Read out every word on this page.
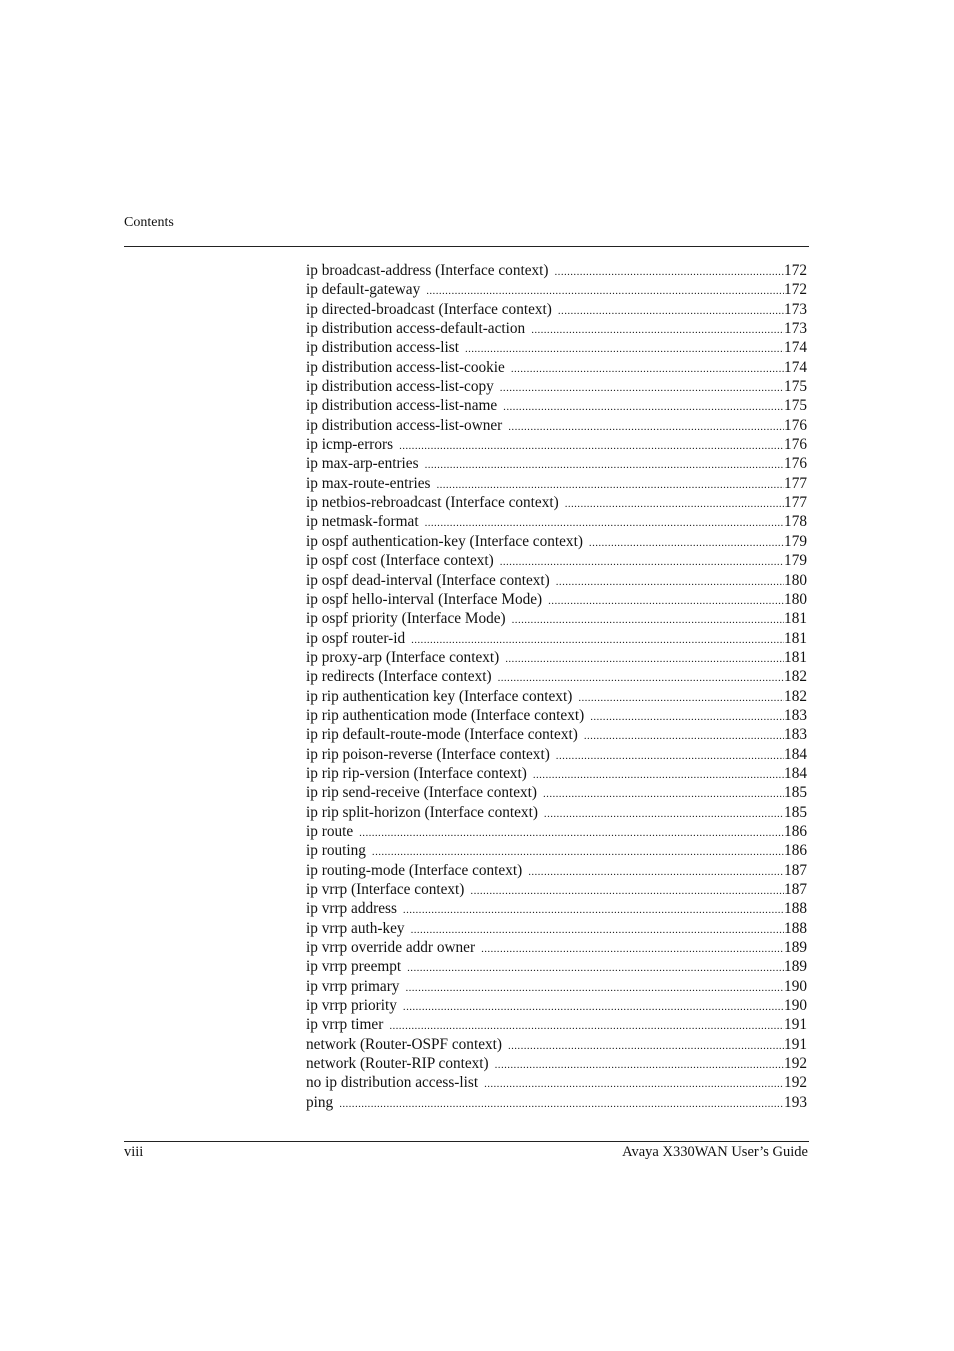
Contents
ip broadcast-address (Interface context) .....	172
ip default-gateway .....	172
ip directed-broadcast (Interface context) .....	173
ip distribution access-default-action .....	173
ip distribution access-list .....	174
ip distribution access-list-cookie .....	174
ip distribution access-list-copy .....	175
ip distribution access-list-name .....	175
ip distribution access-list-owner .....	176
ip icmp-errors .....	176
ip max-arp-entries .....	176
ip max-route-entries .....	177
ip netbios-rebroadcast (Interface context) .....	177
ip netmask-format .....	178
ip ospf authentication-key (Interface context) .....	179
ip ospf cost (Interface context) .....	179
ip ospf dead-interval (Interface context) .....	180
ip ospf hello-interval (Interface Mode) .....	180
ip ospf priority (Interface Mode) .....	181
ip ospf router-id .....	181
ip proxy-arp (Interface context) .....	181
ip redirects (Interface context) .....	182
ip rip authentication key (Interface context) .....	182
ip rip authentication mode (Interface context) .....	183
ip rip default-route-mode (Interface context) .....	183
ip rip poison-reverse (Interface context) .....	184
ip rip rip-version (Interface context) .....	184
ip rip send-receive (Interface context) .....	185
ip rip split-horizon (Interface context) .....	185
ip route .....	186
ip routing .....	186
ip routing-mode (Interface context) .....	187
ip vrrp (Interface context) .....	187
ip vrrp address .....	188
ip vrrp auth-key .....	188
ip vrrp override addr owner .....	189
ip vrrp preempt .....	189
ip vrrp primary .....	190
ip vrrp priority .....	190
ip vrrp timer .....	191
network (Router-OSPF context) .....	191
network (Router-RIP context) .....	192
no ip distribution access-list .....	192
ping .....	193
viii	Avaya X330WAN User’s Guide
